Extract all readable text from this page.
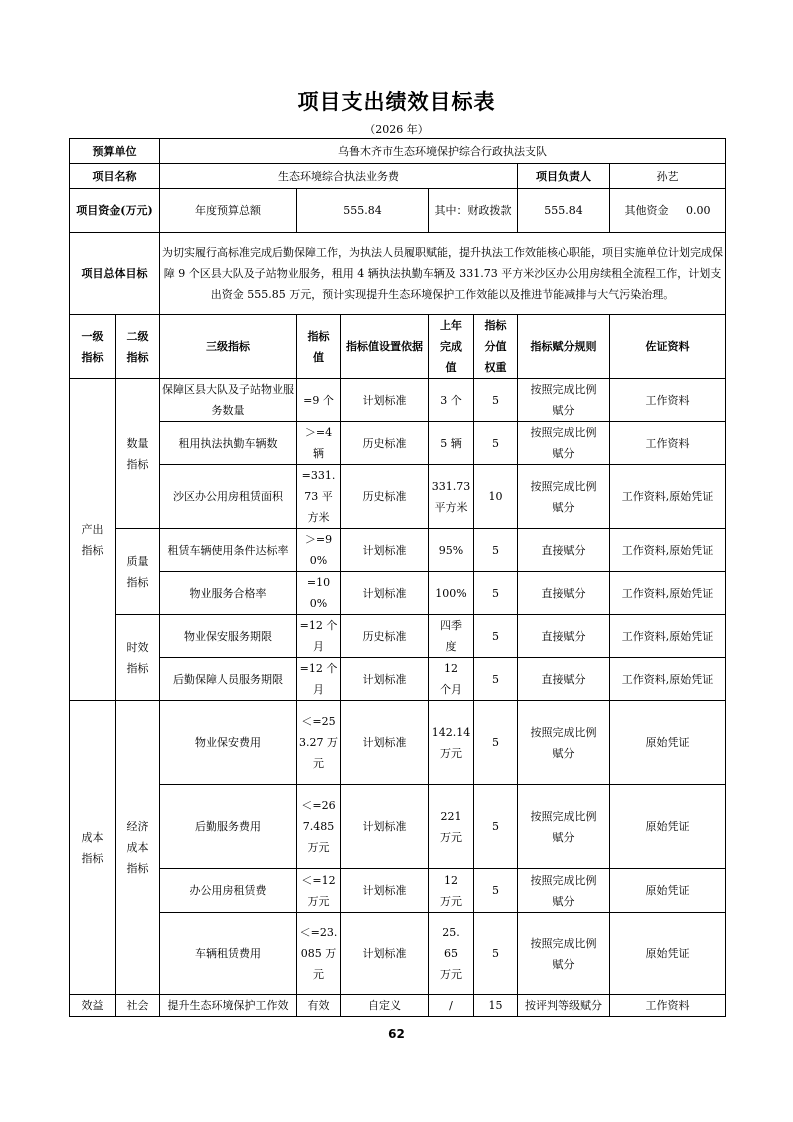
项目支出绩效目标表
（2026 年）
预算单位		乌鲁木齐市生态环境保护综合行政执法支队						
项目名称		生态环境综合执法业务费					项目负责人	孙艺
项目资金(万元)		年度预算总额	555.84		其中：财政拨款		555.84	其他资金 0.00
项目总体目标		为切实履行高标准完成后勤保障工作，为执法人员履职赋能，提升执法工作效能核心职能，项目实施单位计划完成保障 9 个区县大队及子站物业服务，租用 4 辆执法执勤车辆及 331.73 平方米沙区办公用房续租全流程工作，计划支出资金 555.85 万元，预计实现提升生态环境保护工作效能以及推进节能减排与大气污染治理。						
一级指标	二级指标	三级指标	指标值	指标值设置依据	上年完成值	指标分值权重	指标赋分规则	佐证资料
产出指标	数量指标	保障区县大队及子站物业服务数量	=9 个	计划标准	3 个	5	按照完成比例赋分	工作资料
		租用执法执勤车辆数	＞=4 辆	历史标准	5 辆	5	按照完成比例赋分	工作资料
		沙区办公用房租赁面积	=331.73 平方米	历史标准	331.73 平方米	10	按照完成比例赋分	工作资料,原始凭证
	质量指标	租赁车辆使用条件达标率	＞=90%	计划标准	95%	5	直接赋分	工作资料,原始凭证
		物业服务合格率	=100%	计划标准	100%	5	直接赋分	工作资料,原始凭证
	时效指标	物业保安服务期限	=12 个月	历史标准	四季度	5	直接赋分	工作资料,原始凭证
		后勤保障人员服务期限	=12 个月	计划标准	12 个月	5	直接赋分	工作资料,原始凭证
成本指标	经济成本指标	物业保安费用	＜=253.27 万元	计划标准	142.14 万元	5	按照完成比例赋分	原始凭证
		后勤服务费用	＜=267.485 万元	计划标准	221 万元	5	按照完成比例赋分	原始凭证
		办公用房租赁费	＜=12 万元	计划标准	12 万元	5	按照完成比例赋分	原始凭证
		车辆租赁费用	＜=23.085 万元	计划标准	25.65 万元	5	按照完成比例赋分	原始凭证
效益	社会	提升生态环境保护工作效	有效	自定义	/	15	按评判等级赋分	工作资料
62
